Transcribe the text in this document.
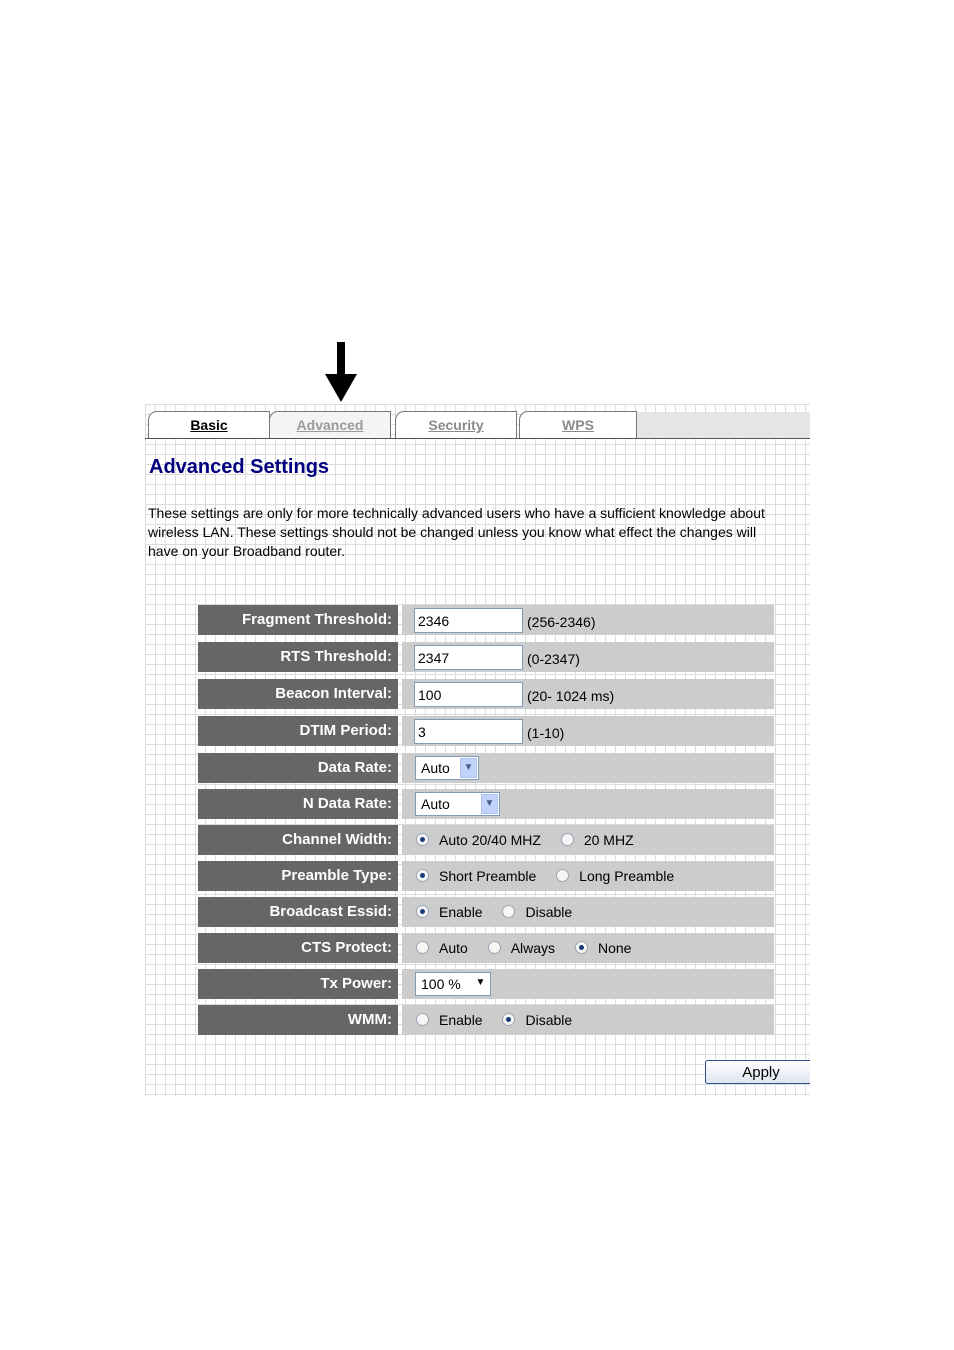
Basic	Advanced	Security	WPS
Advanced Settings
These settings are only for more technically advanced users who have a sufficient knowledge about wireless LAN. These settings should not be changed unless you know what effect the changes will have on your Broadband router.
Fragment Threshold:
2346	(256-2346)
RTS Threshold:
2347	(0-2347)
Beacon Interval:
100	(20- 1024 ms)
DTIM Period:
3	(1-10)
Data Rate:	Auto	▼
N Data Rate:	Auto	▼
Channel Width:	Auto 20/40 MHZ	20 MHZ
Preamble Type:	Short Preamble	Long Preamble
Broadcast Essid:	Enable	Disable
CTS Protect:	Auto	Always	None
Tx Power:	100 %	▼
WMM:	Enable	Disable
Apply
